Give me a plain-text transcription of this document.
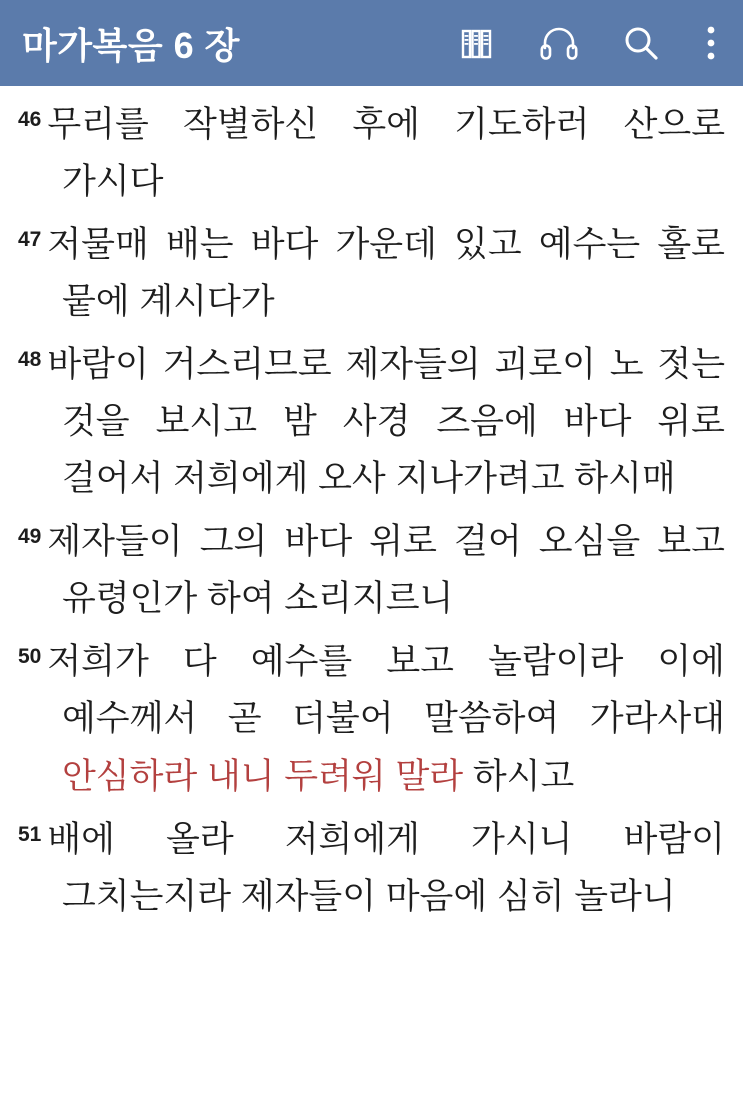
마가복음 6 장

$^{46}$ 무리를 작별하신 후에 기도하러 산으로 가시다

$^{47}$ 저물매 배는 바다 가운데 있고 예수는 홀로 뭍에 계시다가

$^{48}$ 바람이 거스리므로 제자들의 괴로이 노 젓는 것을 보시고 밤 사경 즈음에 바다 위로 걸어서 저희에게 오사 지나가려고 하시매

$^{49}$ 제자들이 그의 바다 위로 걸어 오심을 보고 유령인가 하여 소리지르니

$^{50}$ 저희가 다 예수를 보고 놀람이라 이에 예수께서 곧 더불어 말씀하여 가라사대 안심하라 내니 두려워 말라 하시고

$^{51}$ 배에 올라 저희에게 가시니 바람이 그치는지라 제자들이 마음에 심히 놀라니
